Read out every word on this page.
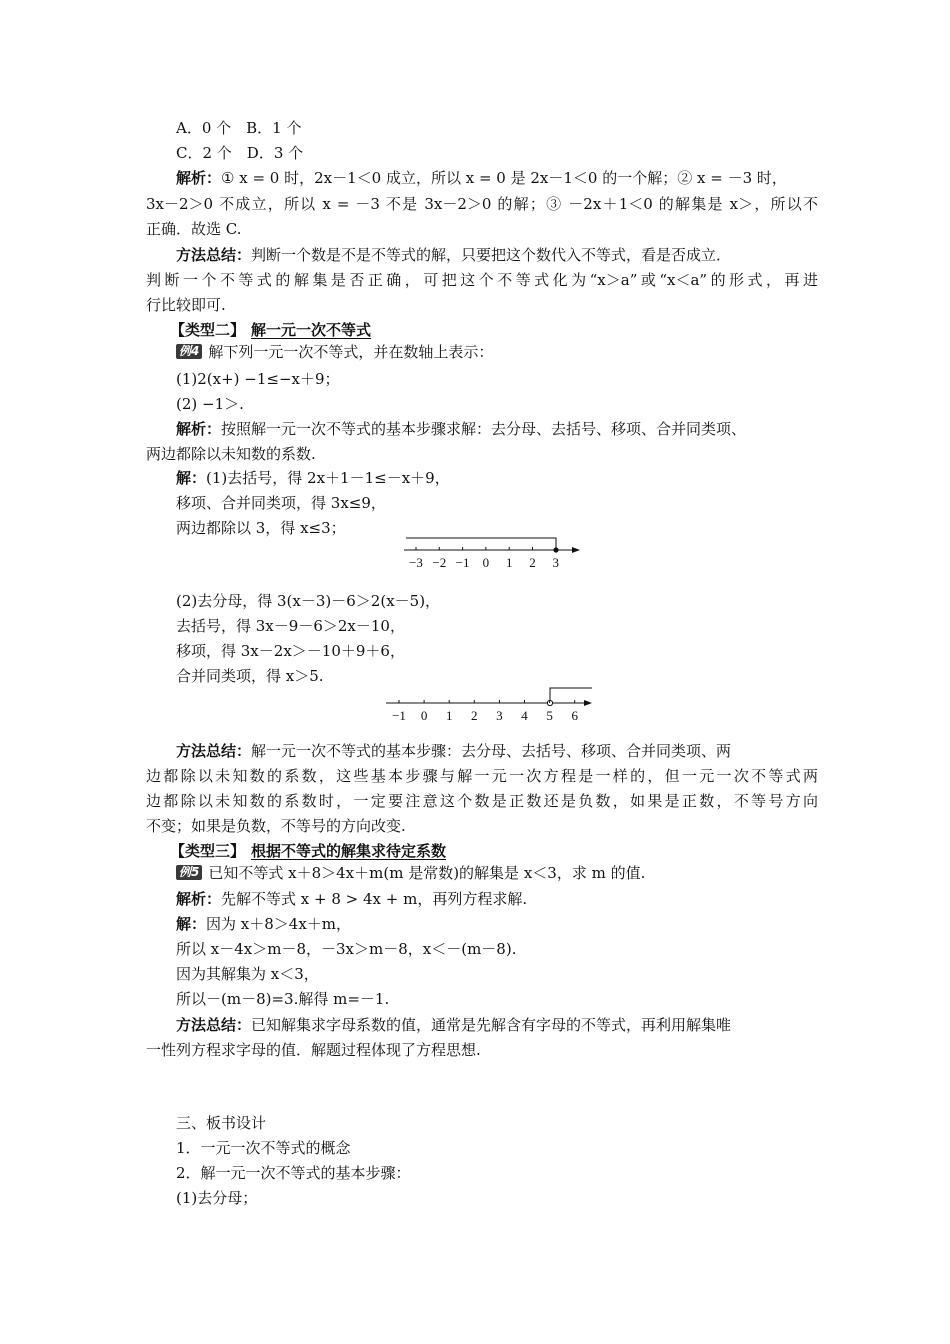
A．0 个　B．1 个
C．2 个　D．3 个
解析：① x = 0 时，2x－1＜0 成立，所以 x = 0 是 2x－1＜0 的一个解；② x = －3 时，
3x－2＞0 不成立，所以 x = －3 不是 3x－2＞0 的解；③ －2x＋1＜0 的解集是 x＞，所以不
正确．故选 C.
方法总结：判断一个数是不是不等式的解，只要把这个数代入不等式，看是否成立．
判断一个不等式的解集是否正确，可把这个不等式化为“x＞a”或“x＜a”的形式，再进
行比较即可.
【类型二】 解一元一次不等式
例4 解下列一元一次不等式，并在数轴上表示：
(1)2(x+) −1≤−x＋9；
(2) −1＞.
解析：按照解一元一次不等式的基本步骤求解：去分母、去括号、移项、合并同类项、
两边都除以未知数的系数.
解：(1)去括号，得 2x＋1－1≤－x＋9，
移项、合并同类项，得 3x≤9，
两边都除以 3，得 x≤3；
−3 −2 −1 0 1 2 3
(2)去分母，得 3(x－3)－6＞2(x－5)，
去括号，得 3x－9－6＞2x－10，
移项，得 3x－2x＞－10＋9＋6，
合并同类项，得 x＞5.
−1 0 1 2 3 4 5 6
方法总结：解一元一次不等式的基本步骤：去分母、去括号、移项、合并同类项、两
边都除以未知数的系数，这些基本步骤与解一元一次方程是一样的，但一元一次不等式两
边都除以未知数的系数时，一定要注意这个数是正数还是负数，如果是正数，不等号方向
不变；如果是负数，不等号的方向改变.
【类型三】 根据不等式的解集求待定系数
例5 已知不等式 x＋8＞4x＋m(m 是常数)的解集是 x＜3，求 m 的值.
解析：先解不等式 x + 8 > 4x + m，再列方程求解.
解：因为 x＋8＞4x＋m，
所以 x－4x＞m－8，－3x＞m－8，x＜－(m－8).
因为其解集为 x＜3，
所以－(m－8)=3.解得 m=－1.
方法总结：已知解集求字母系数的值，通常是先解含有字母的不等式，再利用解集唯
一性列方程求字母的值．解题过程体现了方程思想.
三、板书设计
1．一元一次不等式的概念
2．解一元一次不等式的基本步骤：
(1)去分母；
